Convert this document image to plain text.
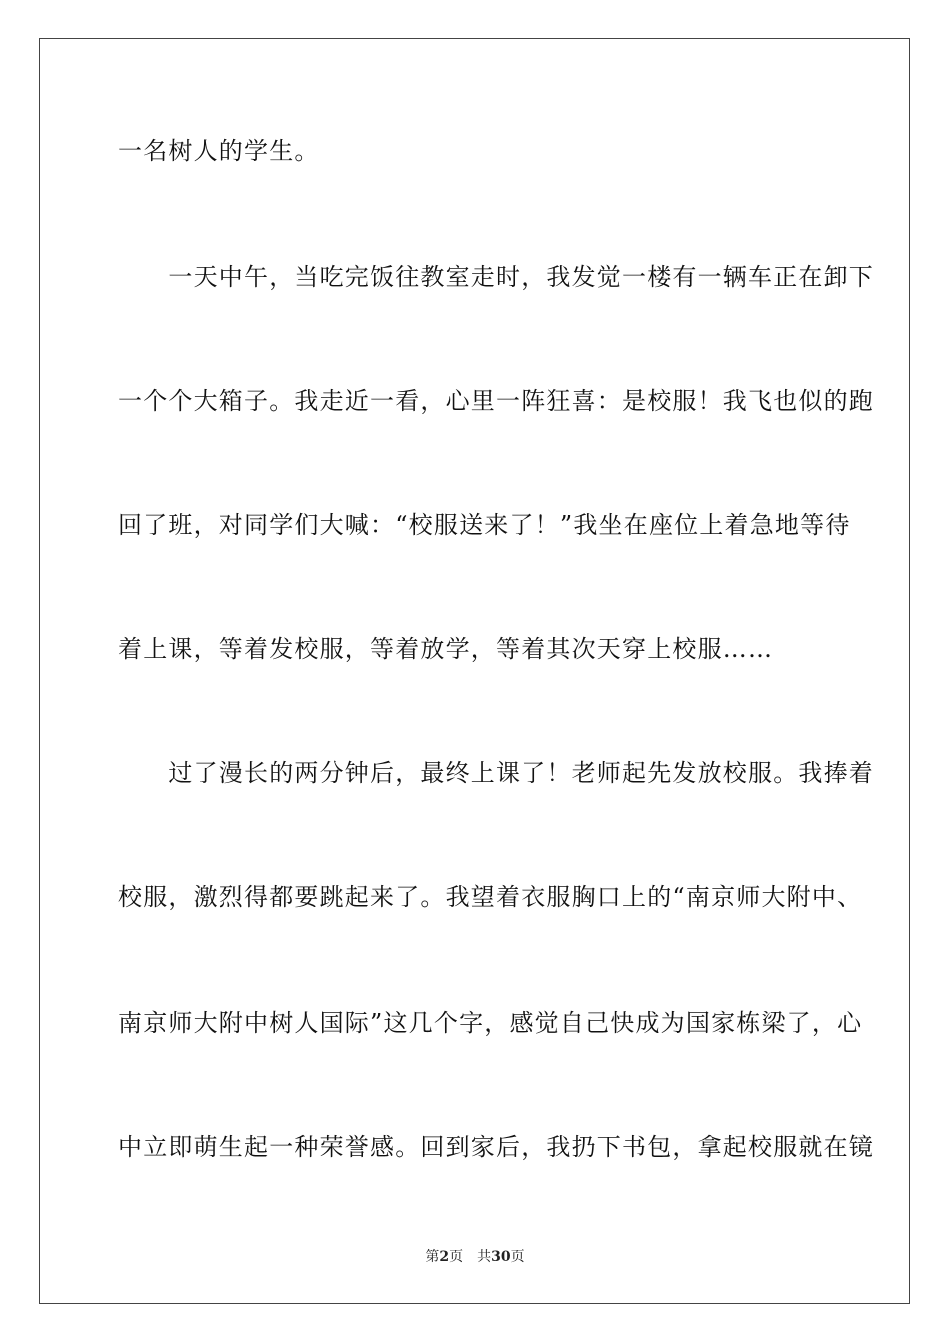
一名树人的学生。
　　一天中午，当吃完饭往教室走时，我发觉一楼有一辆车正在卸下
一个个大箱子。我走近一看，心里一阵狂喜：是校服！我飞也似的跑
回了班，对同学们大喊：“校服送来了！”我坐在座位上着急地等待
着上课，等着发校服，等着放学，等着其次天穿上校服……
　　过了漫长的两分钟后，最终上课了！老师起先发放校服。我捧着
校服，激烈得都要跳起来了。我望着衣服胸口上的“南京师大附中、
南京师大附中树人国际”这几个字，感觉自己快成为国家栋梁了，心
中立即萌生起一种荣誉感。回到家后，我扔下书包，拿起校服就在镜
第2页 共30页
